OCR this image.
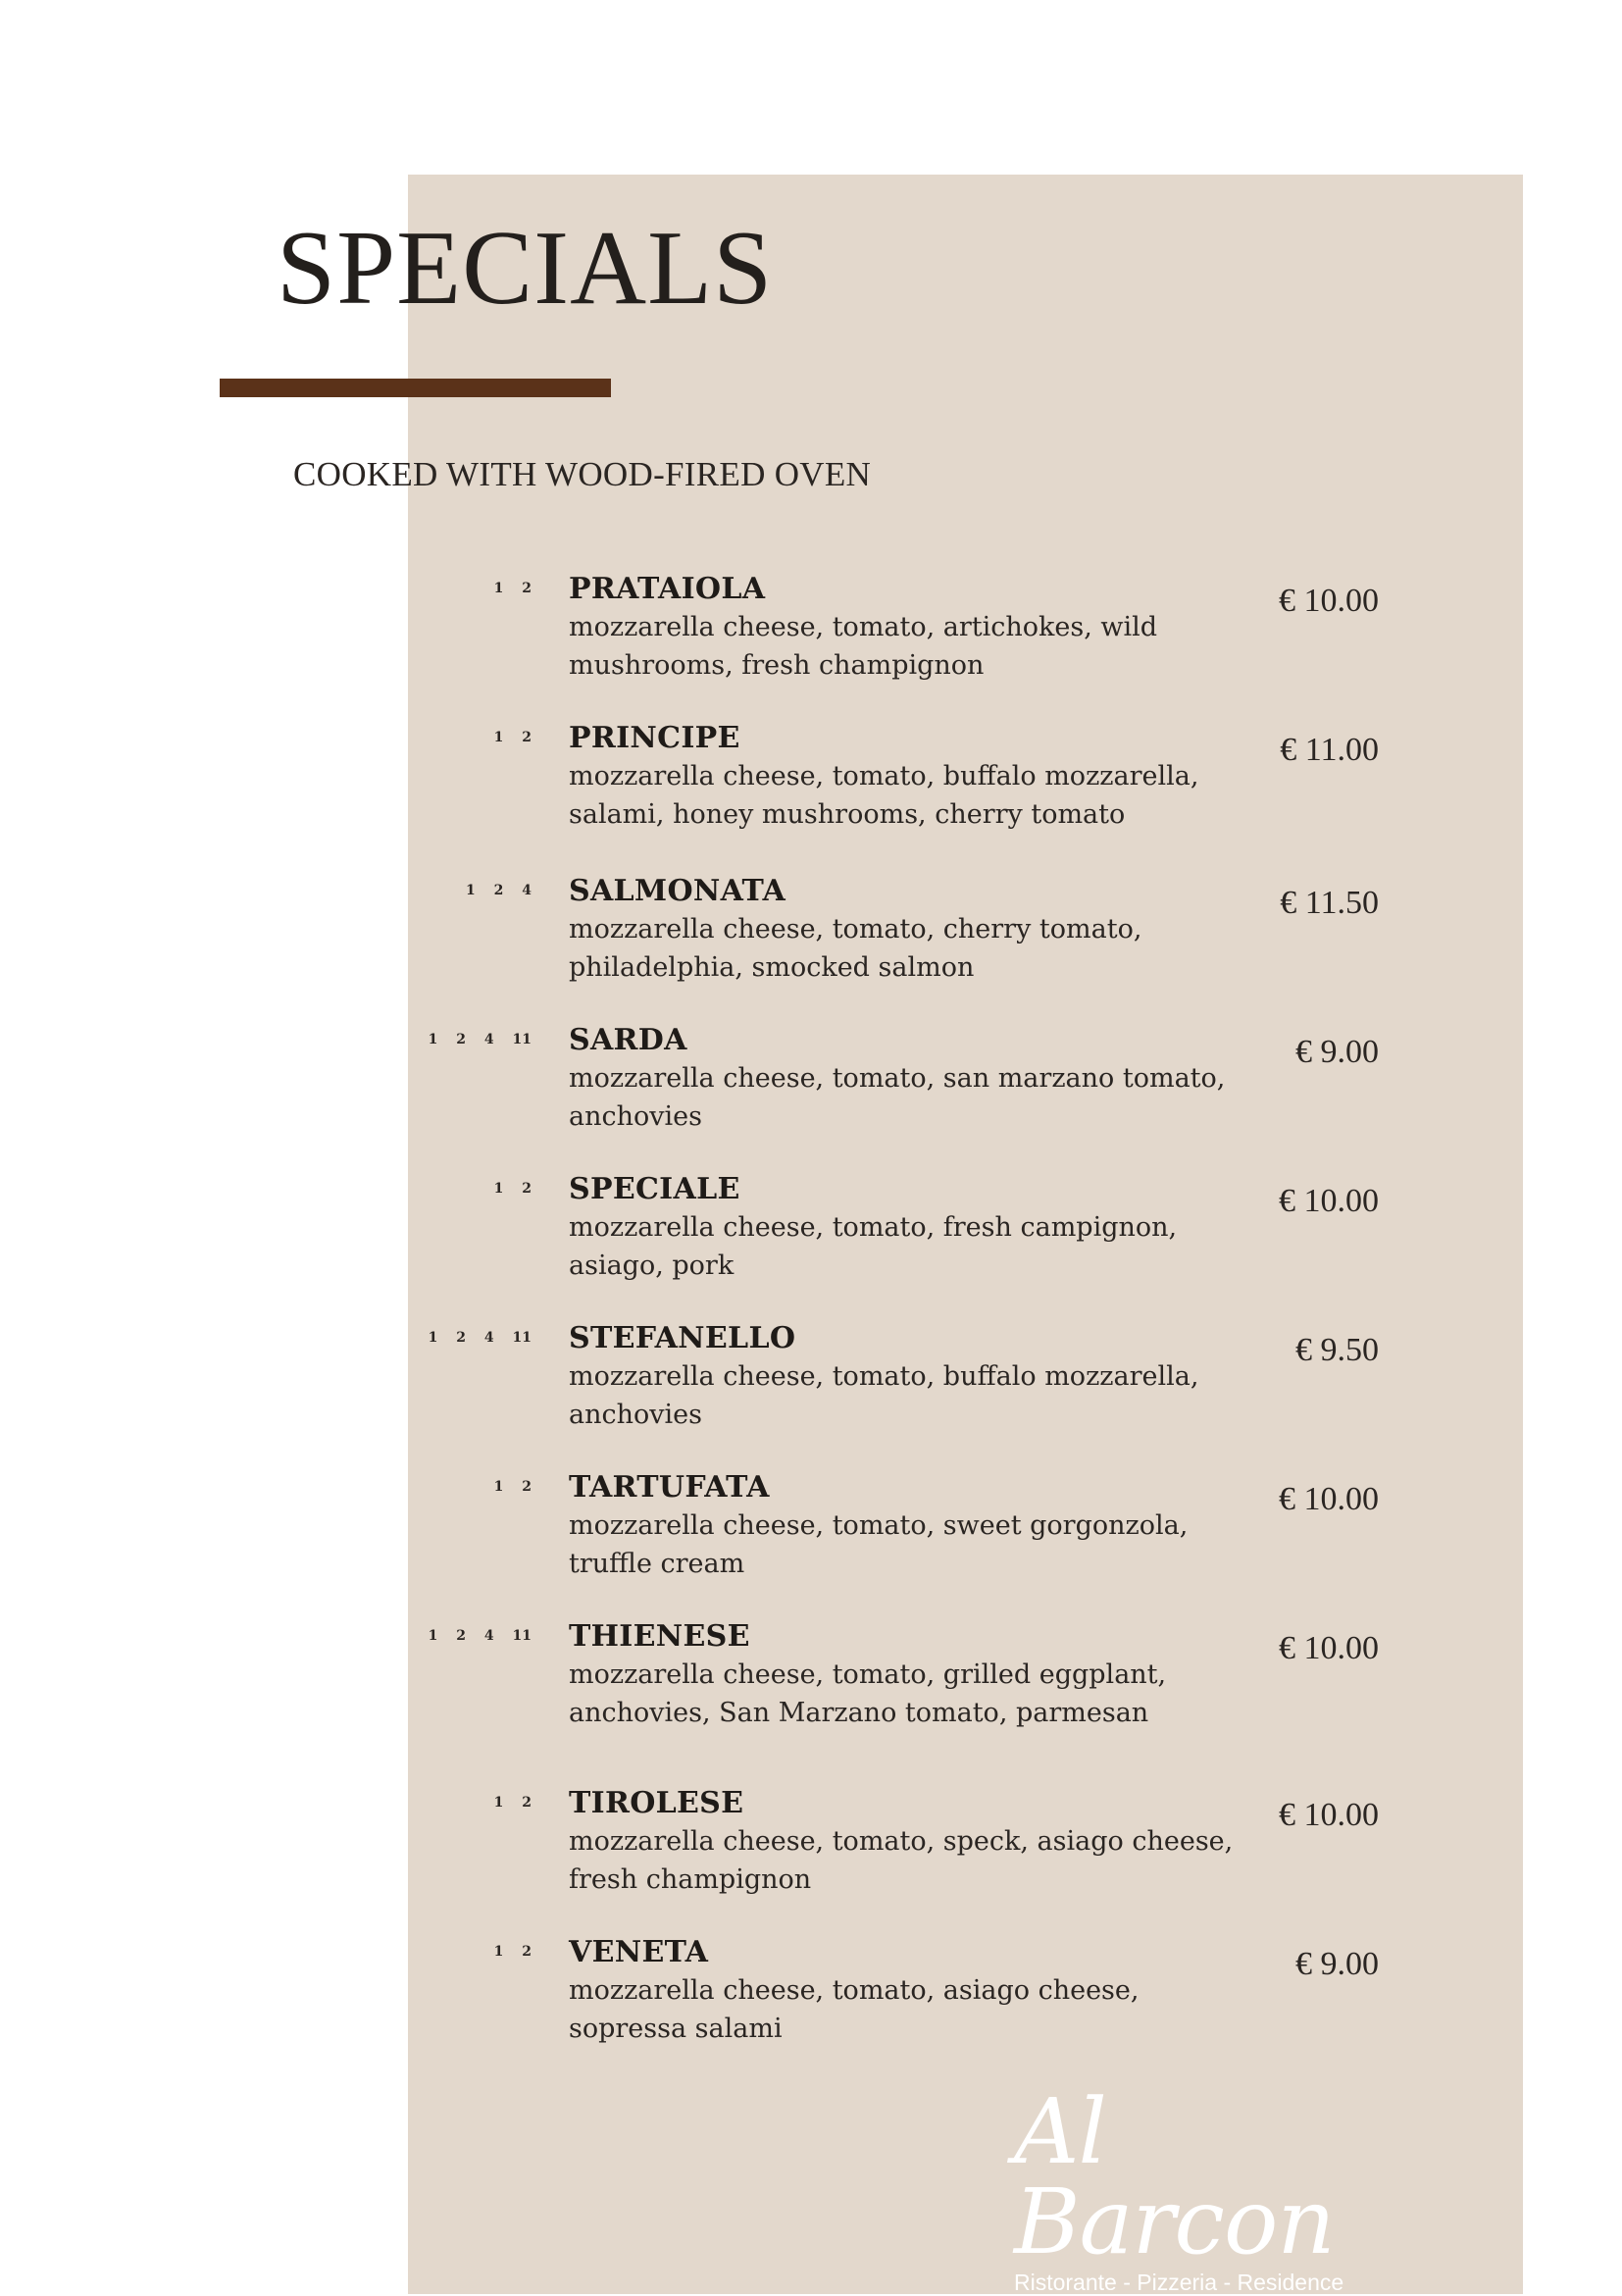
SPECIALS
COOKED WITH WOOD-FIRED OVEN
1 2 PRATAIOLA
mozzarella cheese, tomato, artichokes, wild mushrooms, fresh champignon
€ 10.00
1 2 PRINCIPE
mozzarella cheese, tomato, buffalo mozzarella, salami, honey mushrooms, cherry tomato
€ 11.00
1 2 4 SALMONATA
mozzarella cheese, tomato, cherry tomato, philadelphia, smocked salmon
€ 11.50
1 2 4 11 SARDA
mozzarella cheese, tomato, san marzano tomato, anchovies
€ 9.00
1 2 SPECIALE
mozzarella cheese, tomato, fresh campignon, asiago, pork
€ 10.00
1 2 4 11 STEFANELLO
mozzarella cheese, tomato, buffalo mozzarella, anchovies
€ 9.50
1 2 TARTUFATA
mozzarella cheese, tomato, sweet gorgonzola, truffle cream
€ 10.00
1 2 4 11 THIENESE
mozzarella cheese, tomato, grilled eggplant, anchovies, San Marzano tomato, parmesan
€ 10.00
1 2 TIROLESE
mozzarella cheese, tomato, speck, asiago cheese, fresh champignon
€ 10.00
1 2 VENETA
mozzarella cheese, tomato, asiago cheese, sopressa salami
€ 9.00
Al Barcon
Ristorante - Pizzeria - Residence
